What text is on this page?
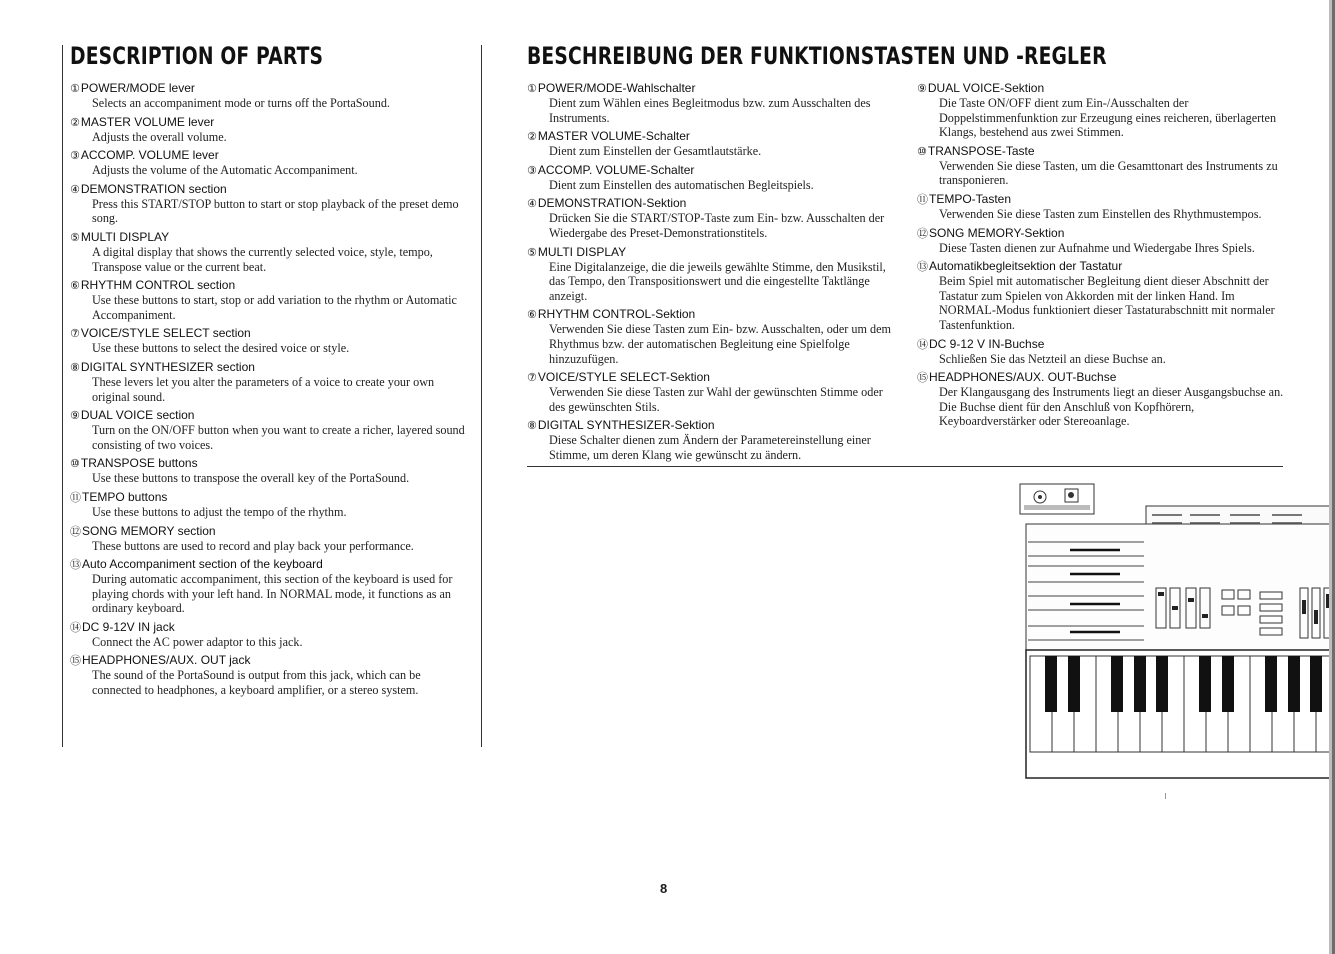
DESCRIPTION OF PARTS
①POWER/MODE lever
Selects an accompaniment mode or turns off the PortaSound.
②MASTER VOLUME lever
Adjusts the overall volume.
③ACCOMP. VOLUME lever
Adjusts the volume of the Automatic Accompaniment.
④DEMONSTRATION section
Press this START/STOP button to start or stop playback of the preset demo song.
⑤MULTI DISPLAY
A digital display that shows the currently selected voice, style, tempo, Transpose value or the current beat.
⑥RHYTHM CONTROL section
Use these buttons to start, stop or add variation to the rhythm or Automatic Accompaniment.
⑦VOICE/STYLE SELECT section
Use these buttons to select the desired voice or style.
⑧DIGITAL SYNTHESIZER section
These levers let you alter the parameters of a voice to create your own original sound.
⑨DUAL VOICE section
Turn on the ON/OFF button when you want to create a richer, layered sound consisting of two voices.
⑩TRANSPOSE buttons
Use these buttons to transpose the overall key of the PortaSound.
⑪TEMPO buttons
Use these buttons to adjust the tempo of the rhythm.
⑫SONG MEMORY section
These buttons are used to record and play back your performance.
⑬Auto Accompaniment section of the keyboard
During automatic accompaniment, this section of the keyboard is used for playing chords with your left hand. In NORMAL mode, it functions as an ordinary keyboard.
⑭DC 9-12V IN jack
Connect the AC power adaptor to this jack.
⑮HEADPHONES/AUX. OUT jack
The sound of the PortaSound is output from this jack, which can be connected to headphones, a keyboard amplifier, or a stereo system.
BESCHREIBUNG DER FUNKTIONSTASTEN UND -REGLER
①POWER/MODE-Wahlschalter
Dient zum Wählen eines Begleitmodus bzw. zum Ausschalten des Instruments.
②MASTER VOLUME-Schalter
Dient zum Einstellen der Gesamtlautstärke.
③ACCOMP. VOLUME-Schalter
Dient zum Einstellen des automatischen Begleitspiels.
④DEMONSTRATION-Sektion
Drücken Sie die START/STOP-Taste zum Ein- bzw. Ausschalten der Wiedergabe des Preset-Demonstrationstitels.
⑤MULTI DISPLAY
Eine Digitalanzeige, die die jeweils gewählte Stimme, den Musikstil, das Tempo, den Transpositionswert und die eingestellte Taktlänge anzeigt.
⑥RHYTHM CONTROL-Sektion
Verwenden Sie diese Tasten zum Ein- bzw. Ausschalten, oder um dem Rhythmus bzw. der automatischen Begleitung eine Spielfolge hinzuzufügen.
⑦VOICE/STYLE SELECT-Sektion
Verwenden Sie diese Tasten zur Wahl der gewünschten Stimme oder des gewünschten Stils.
⑧DIGITAL SYNTHESIZER-Sektion
Diese Schalter dienen zum Ändern der Parametereinstellung einer Stimme, um deren Klang wie gewünscht zu ändern.
⑨DUAL VOICE-Sektion
Die Taste ON/OFF dient zum Ein-/Ausschalten der Doppelstimmenfunktion zur Erzeugung eines reicheren, überlagerten Klangs, bestehend aus zwei Stimmen.
⑩TRANSPOSE-Taste
Verwenden Sie diese Tasten, um die Gesamttonart des Instruments zu transponieren.
⑪TEMPO-Tasten
Verwenden Sie diese Tasten zum Einstellen des Rhythmustempos.
⑫SONG MEMORY-Sektion
Diese Tasten dienen zur Aufnahme und Wiedergabe Ihres Spiels.
⑬Automatikbegleitsektion der Tastatur
Beim Spiel mit automatischer Begleitung dient dieser Abschnitt der Tastatur zum Spielen von Akkorden mit der linken Hand. Im NORMAL-Modus funktioniert dieser Tastaturabschnitt mit normaler Tastenfunktion.
⑭DC 9-12 V IN-Buchse
Schließen Sie das Netzteil an diese Buchse an.
⑮HEADPHONES/AUX. OUT-Buchse
Der Klangausgang des Instruments liegt an dieser Ausgangsbuchse an. Die Buchse dient für den Anschluß von Kopfhörern, Keyboardverstärker oder Stereoanlage.
8
